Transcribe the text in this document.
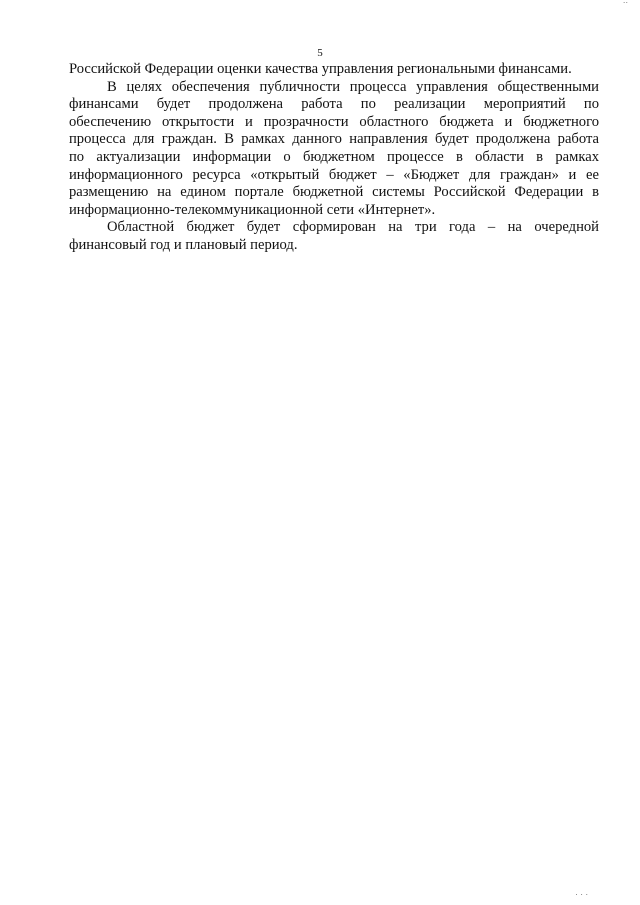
..
5

Российской Федерации оценки качества управления региональными финансами.

В целях обеспечения публичности процесса управления общественными
финансами будет продолжена работа по реализации мероприятий по
обеспечению открытости и прозрачности областного бюджета и бюджетного
процесса для граждан. В рамках данного направления будет продолжена работа
по актуализации информации о бюджетном процессе в области в рамках
информационного ресурса «открытый бюджет – «Бюджет для граждан» и ее
размещению на едином портале бюджетной системы Российской Федерации в
информационно-телекоммуникационной сети «Интернет».

Областной бюджет будет сформирован на три года – на очередной
финансовый год и плановый период.

. . .
